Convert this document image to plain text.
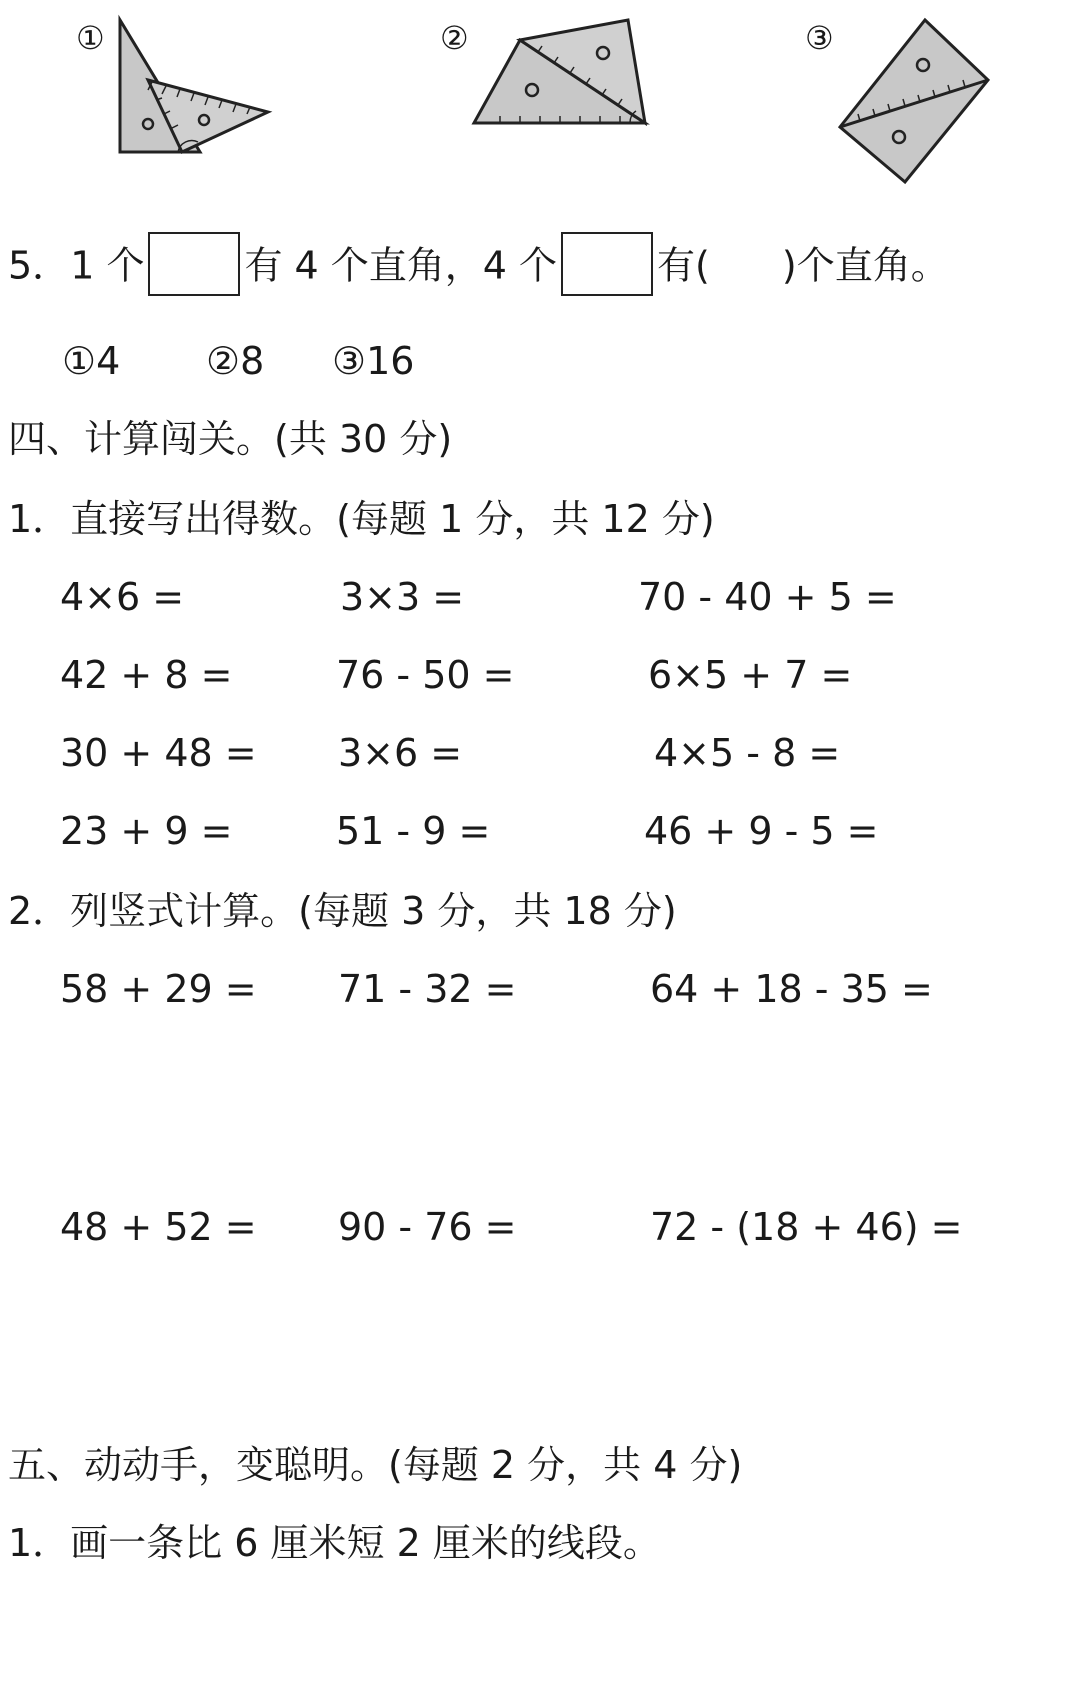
①	②	③
5．1 个	有 4 个直角，4 个	有( )个直角。
①4 ②8 ③16
四、计算闯关。(共 30 分)
1．直接写出得数。(每题 1 分，共 12 分)
4×6 =	3×3 =	70 - 40 + 5 =
42 + 8 =	76 - 50 =	6×5 + 7 =
30 + 48 = 3×6 =	4×5 - 8 =
23 + 9 =	51 - 9 =	46 + 9 - 5 =
2．列竖式计算。(每题 3 分，共 18 分)
58 + 29 = 71 - 32 =	64 + 18 - 35 =
48 + 52 = 90 - 76 =	72 - (18 + 46) =
五、动动手，变聪明。(每题 2 分，共 4 分)
1．画一条比 6 厘米短 2 厘米的线段。
